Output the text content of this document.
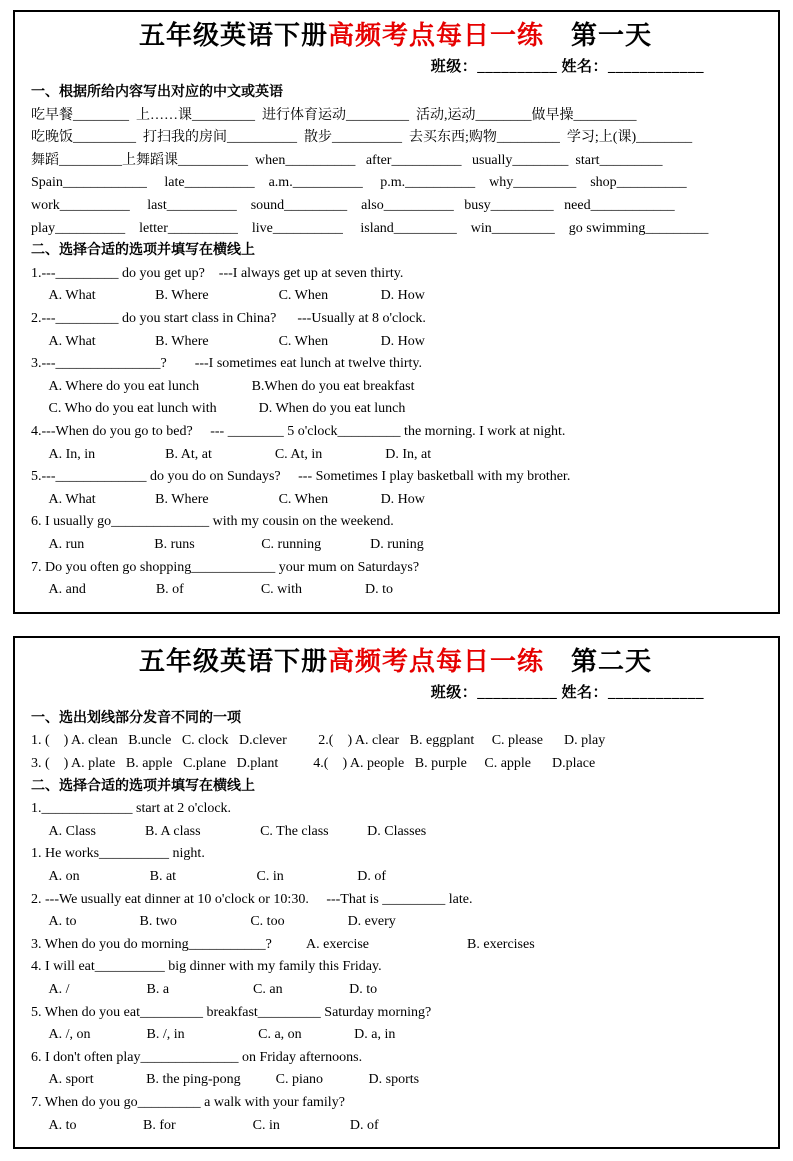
五年级英语下册高频考点每日一练　第一天
班级：__________ 姓名：____________
一、根据所给内容写出对应的中文或英语
吃早餐________  上……课_________  进行体育运动_________  活动,运动________做早操_________
吃晚饭_________  打扫我的房间__________  散步__________  去买东西;购物_________  学习;上(课)________
舞蹈_________上舞蹈课__________  when__________   after__________   usually________  start_________
Spain____________     late__________    a.m.__________     p.m.__________    why_________    shop__________
work__________     last__________    sound_________    also__________   busy_________   need____________
play__________    letter__________    live__________     island_________    win_________    go swimming_________
二、选择合适的选项并填写在横线上
1.---_________ do you get up?    ---I always get up at seven thirty.
A. What                 B. Where                    C. When               D. How
2.---_________ do you start class in China?      ---Usually at 8 o'clock.
A. What                 B. Where                    C. When               D. How
3.---_______________?        ---I sometimes eat lunch at twelve thirty.
A. Where do you eat lunch               B.When do you eat breakfast
C. Who do you eat lunch with            D. When do you eat lunch
4.---When do you go to bed?     --- ________ 5 o'clock_________ the morning. I work at night.
A. In, in                    B. At, at                  C. At, in                  D. In, at
5.---_____________ do you do on Sundays?     --- Sometimes I play basketball with my brother.
A. What                 B. Where                    C. When               D. How
6. I usually go______________ with my cousin on the weekend.
A. run                    B. runs                   C. running              D. runing
7. Do you often go shopping____________ your mum on Saturdays?
A. and                    B. of                      C. with                  D. to
五年级英语下册高频考点每日一练　第二天
班级：__________ 姓名：____________
一、选出划线部分发音不同的一项
1. (　) A. clean   B.uncle   C. clock   D.clever         2.(　) A. clear   B. eggplant     C. please      D. play
3. (　) A. plate   B. apple   C.plane   D.plant          4.(　) A. people   B. purple     C. apple      D.place
二、选择合适的选项并填写在横线上
1._____________ start at 2 o'clock.
A. Class              B. A class                 C. The class           D. Classes
1. He works__________ night.
A. on                    B. at                       C. in                     D. of
2. ---We usually eat dinner at 10 o'clock or 10:30.     ---That is _________ late.
A. to                  B. two                     C. too                  D. every
3. When do you do morning___________?          A. exercise                            B. exercises
4. I will eat__________ big dinner with my family this Friday.
A. /                      B. a                        C. an                   D. to
5. When do you eat_________ breakfast_________ Saturday morning?
A. /, on                B. /, in                     C. a, on               D. a, in
6. I don't often play______________ on Friday afternoons.
A. sport               B. the ping-pong          C. piano             D. sports
7. When do you go_________ a walk with your family?
A. to                   B. for                      C. in                    D. of
